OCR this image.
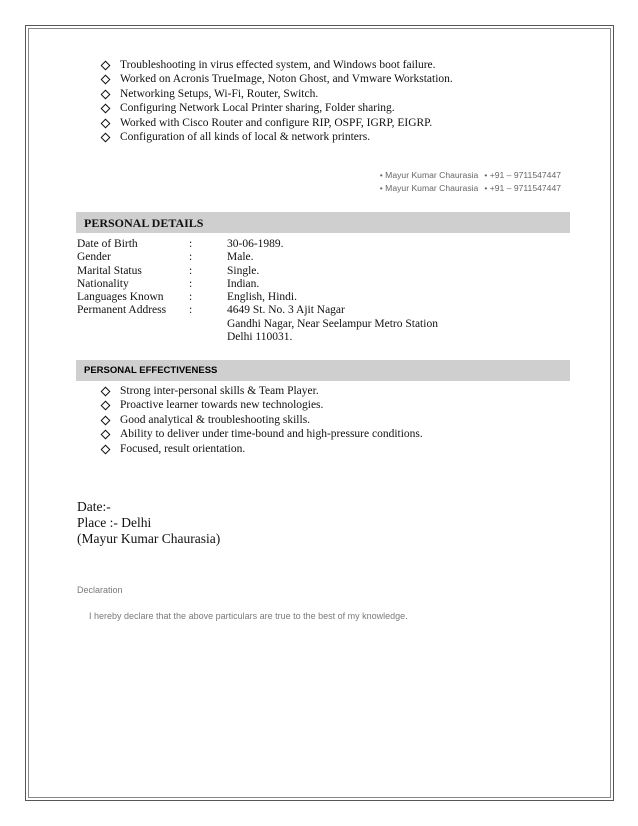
Troubleshooting in virus effected system, and Windows boot failure.
Worked on Acronis TrueImage, Noton Ghost, and Vmware Workstation.
Networking Setups, Wi-Fi, Router, Switch.
Configuring Network Local Printer sharing, Folder sharing.
Worked with Cisco Router and configure RIP, OSPF, IGRP, EIGRP.
Configuration of all kinds of local & network printers.
• Mayur Kumar Chaurasia • +91 – 9711547447
• Mayur Kumar Chaurasia • +91 – 9711547447
PERSONAL DETAILS
Date of Birth	:	30-06-1989.
Gender	:	Male.
Marital Status	:	Single.
Nationality	:	Indian.
Languages Known	:	English, Hindi.
Permanent Address	:	4649 St. No. 3 Ajit Nagar
		Gandhi Nagar, Near Seelampur Metro Station
		Delhi 110031.
PERSONAL EFFECTIVENESS
Strong inter-personal skills & Team Player.
Proactive learner towards new technologies.
Good analytical & troubleshooting skills.
Ability to deliver under time-bound and high-pressure conditions.
Focused, result orientation.
Date:-
Place :- Delhi
(Mayur Kumar Chaurasia)
Declaration
I hereby declare that the above particulars are true to the best of my knowledge.
